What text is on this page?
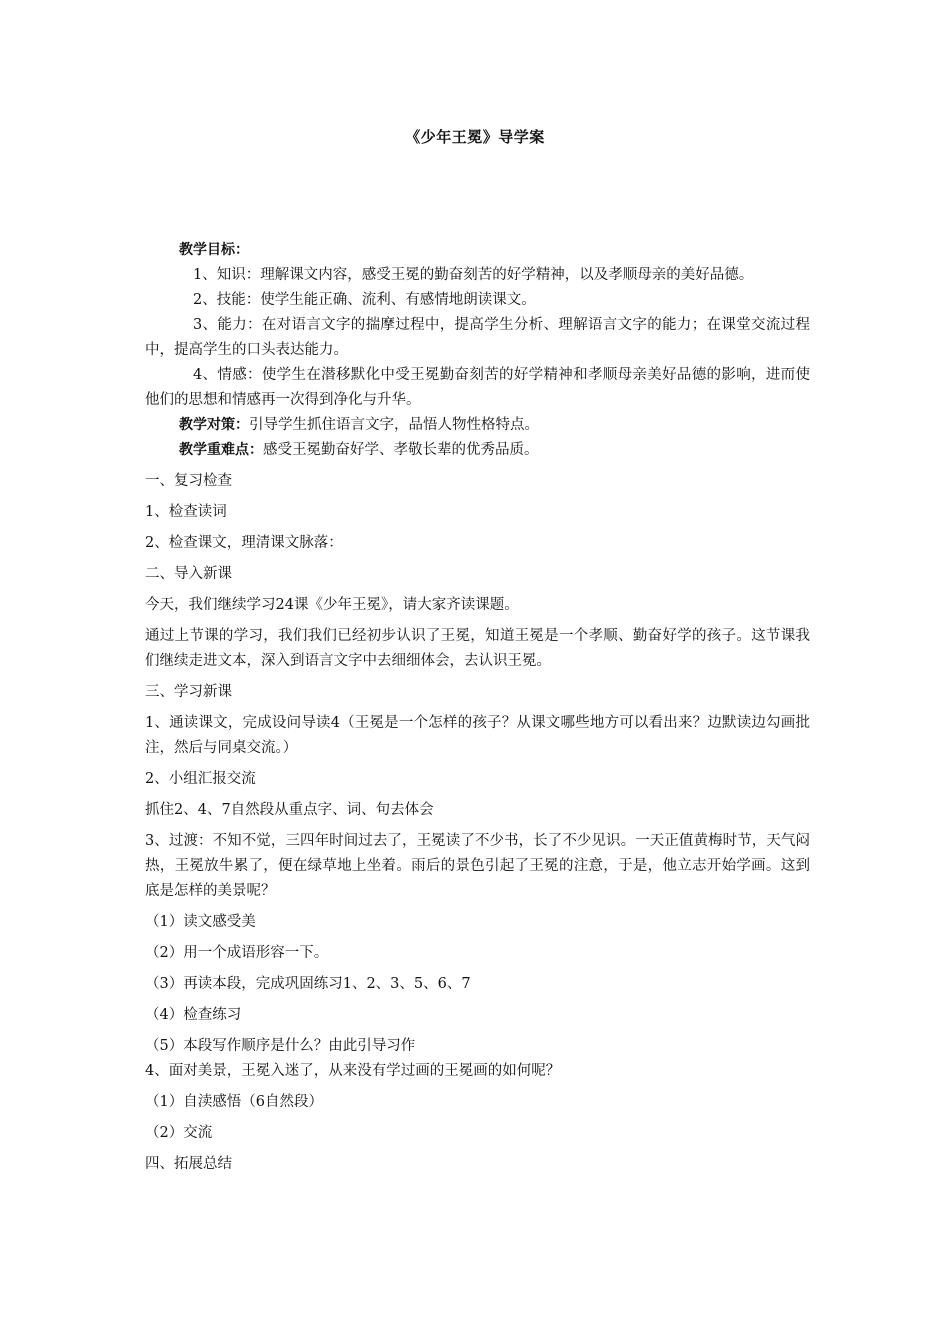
《少年王冕》导学案

教学目标：

1、知识：理解课文内容，感受王冕的勤奋刻苦的好学精神，以及孝顺母亲的美好品德。

2、技能：使学生能正确、流利、有感情地朗读课文。

3、能力：在对语言文字的揣摩过程中，提高学生分析、理解语言文字的能力；在课堂交流过程中，提高学生的口头表达能力。

4、情感：使学生在潜移默化中受王冕勤奋刻苦的好学精神和孝顺母亲美好品德的影响，进而使他们的思想和情感再一次得到净化与升华。

教学对策：引导学生抓住语言文字，品悟人物性格特点。

教学重难点：感受王冕勤奋好学、孝敬长辈的优秀品质。

一、复习检查

1、检查读词

2、检查课文，理清课文脉落：

二、导入新课

今天，我们继续学习24课《少年王冕》，请大家齐读课题。

通过上节课的学习，我们我们已经初步认识了王冕，知道王冕是一个孝顺、勤奋好学的孩子。这节课我们继续走进文本，深入到语言文字中去细细体会，去认识王冕。

三、学习新课

1、通读课文，完成设问导读4（王冕是一个怎样的孩子？从课文哪些地方可以看出来？边默读边勾画批注，然后与同桌交流。）

2、小组汇报交流

抓住2、4、7自然段从重点字、词、句去体会

3、过渡：不知不觉，三四年时间过去了，王冕读了不少书，长了不少见识。一天正值黄梅时节，天气闷热，王冕放牛累了，便在绿草地上坐着。雨后的景色引起了王冕的注意，于是，他立志开始学画。这到底是怎样的美景呢？

（1）读文感受美

（2）用一个成语形容一下。

（3）再读本段，完成巩固练习1、2、3、5、6、7

（4）检查练习

（5）本段写作顺序是什么？由此引导习作

4、面对美景，王冕入迷了，从来没有学过画的王冕画的如何呢？

（1）自渎感悟（6自然段）

（2）交流

四、拓展总结
